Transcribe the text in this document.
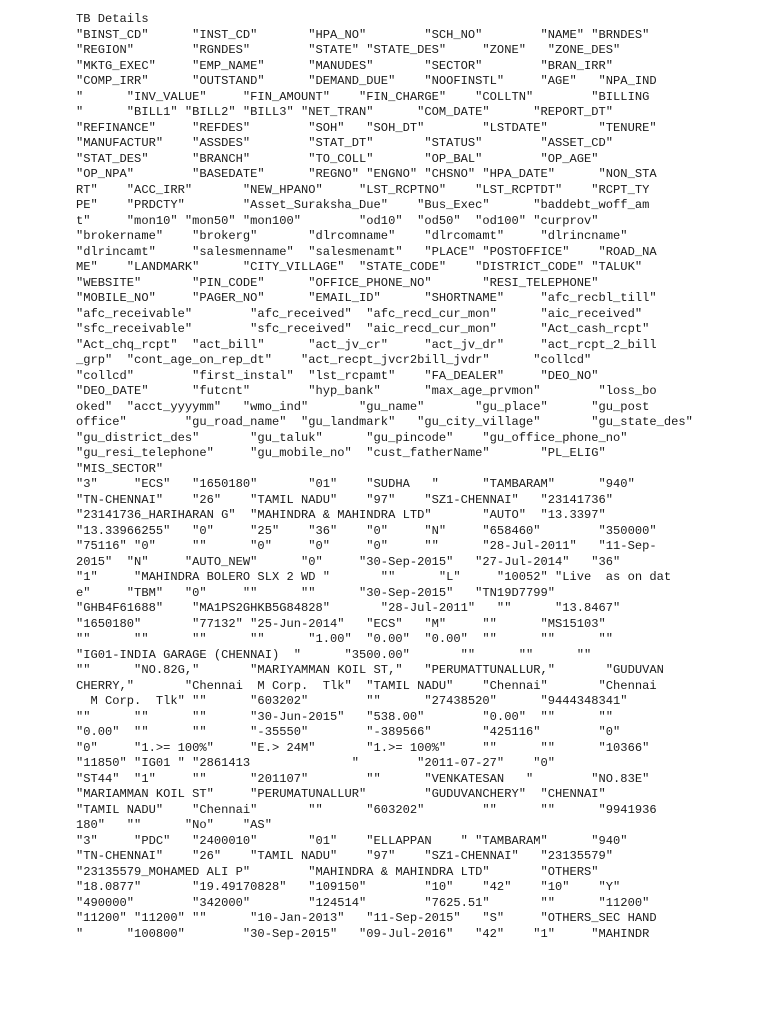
TB Details
"BINST_CD"      "INST_CD"       "HPA_NO"        "SCH_NO"        "NAME" "BRNDES"
"REGION"        "RGNDES"        "STATE" "STATE_DES"     "ZONE"   "ZONE_DES"
"MKTG_EXEC"     "EMP_NAME"      "MANUDES"       "SECTOR"        "BRAN_IRR"
"COMP_IRR"      "OUTSTAND"      "DEMAND_DUE"    "NOOFINSTL"     "AGE"   "NPA_IND
"      "INV_VALUE"     "FIN_AMOUNT"    "FIN_CHARGE"    "COLLTN"        "BILLING
"      "BILL1" "BILL2" "BILL3" "NET_TRAN"      "COM_DATE"      "REPORT_DT"
"REFINANCE"     "REFDES"        "SOH"   "SOH_DT"        "LSTDATE"       "TENURE"
"MANUFACTUR"    "ASSDES"        "STAT_DT"       "STATUS"        "ASSET_CD"
"STAT_DES"      "BRANCH"        "TO_COLL"       "OP_BAL"        "OP_AGE"
"OP_NPA"        "BASEDATE"      "REGNO" "ENGNO" "CHSNO" "HPA_DATE"      "NON_STA
RT"    "ACC_IRR"       "NEW_HPANO"     "LST_RCPTNO"    "LST_RCPTDT"    "RCPT_TY
PE"    "PRDCTY"        "Asset_Suraksha_Due"    "Bus_Exec"      "baddebt_woff_am
t"     "mon10" "mon50" "mon100"        "od10"  "od50"  "od100" "curprov"
"brokername"    "brokerg"       "dlrcomname"    "dlrcomamt"     "dlrincname"
"dlrincamt"     "salesmenname"  "salesmenamt"   "PLACE" "POSTOFFICE"    "ROAD_NA
ME"    "LANDMARK"      "CITY_VILLAGE"  "STATE_CODE"    "DISTRICT_CODE" "TALUK"
"WEBSITE"       "PIN_CODE"      "OFFICE_PHONE_NO"       "RESI_TELEPHONE"
"MOBILE_NO"     "PAGER_NO"      "EMAIL_ID"      "SHORTNAME"     "afc_recbl_till"
"afc_receivable"        "afc_received"  "afc_recd_cur_mon"      "aic_received"
"sfc_receivable"        "sfc_received"  "aic_recd_cur_mon"      "Act_cash_rcpt"
"Act_chq_rcpt"  "act_bill"      "act_jv_cr"     "act_jv_dr"     "act_rcpt_2_bill
_grp"  "cont_age_on_rep_dt"    "act_recpt_jvcr2bill_jvdr"      "collcd"
"collcd"        "first_instal"  "lst_rcpamt"    "FA_DEALER"     "DEO_NO"
"DEO_DATE"      "futcnt"        "hyp_bank"      "max_age_prvmon"        "loss_bo
oked"  "acct_yyyymm"   "wmo_ind"       "gu_name"       "gu_place"      "gu_post
office"        "gu_road_name"  "gu_landmark"   "gu_city_village"       "gu_state_des"
"gu_district_des"       "gu_taluk"      "gu_pincode"    "gu_office_phone_no"
"gu_resi_telephone"     "gu_mobile_no"  "cust_fatherName"       "PL_ELIG"
"MIS_SECTOR"
"3"     "ECS"   "1650180"       "01"    "SUDHA   "      "TAMBARAM"      "940"
"TN-CHENNAI"    "26"    "TAMIL NADU"    "97"    "SZ1-CHENNAI"   "23141736"
"23141736_HARIHARAN G"  "MAHINDRA & MAHINDRA LTD"       "AUTO"  "13.3397"
"13.33966255"   "0"     "25"    "36"    "0"     "N"     "658460"        "350000"
"75116" "0"     ""      "0"     "0"     "0"     ""      "28-Jul-2011"   "11-Sep-
2015"  "N"     "AUTO_NEW"      "0"     "30-Sep-2015"   "27-Jul-2014"   "36"
"1"     "MAHINDRA BOLERO SLX 2 WD "       ""      "L"     "10052" "Live  as on dat
e"     "TBM"   "0"     ""      ""      "30-Sep-2015"   "TN19D7799"
"GHB4F61688"    "MA1PS2GHKB5G84828"       "28-Jul-2011"   ""      "13.8467"
"1650180"       "77132" "25-Jun-2014"   "ECS"   "M"     ""      "MS15103"
""      ""      ""      ""      "1.00"  "0.00"  "0.00"  ""      ""      ""
"IG01-INDIA GARAGE (CHENNAI)  "      "3500.00"       ""      ""      ""
""      "NO.82G,"       "MARIYAMMAN KOIL ST,"   "PERUMATTUNALLUR,"       "GUDUVAN
CHERRY,"       "Chennai  M Corp.  Tlk"  "TAMIL NADU"    "Chennai"       "Chennai
M Corp.  Tlk" ""      "603202"        ""      "27438520"      "9444348341"
""      ""      ""      "30-Jun-2015"   "538.00"        "0.00"  ""      ""
"0.00"  ""      ""      "-35550"        "-389566"       "425116"        "0"
"0"     "1.>= 100%"     "E.> 24M"       "1.>= 100%"     ""      ""      "10366"
"11850" "IG01 " "2861413              "        "2011-07-27"    "0"
"ST44"  "1"     ""      "201107"        ""      "VENKATESAN   "        "NO.83E"
"MARIAMMAN KOIL ST"     "PERUMATUNALLUR"        "GUDUVANCHERY"  "CHENNAI"
"TAMIL NADU"    "Chennai"       ""      "603202"        ""      ""      "9941936
180"   ""      "No"    "AS"
"3"     "PDC"   "2400010"       "01"    "ELLAPPAN    " "TAMBARAM"      "940"
"TN-CHENNAI"    "26"    "TAMIL NADU"    "97"    "SZ1-CHENNAI"   "23135579"
"23135579_MOHAMED ALI P"        "MAHINDRA & MAHINDRA LTD"       "OTHERS"
"18.0877"       "19.49170828"   "109150"        "10"    "42"    "10"    "Y"
"490000"        "342000"        "124514"        "7625.51"       ""      "11200"
"11200" "11200" ""      "10-Jan-2013"   "11-Sep-2015"   "S"     "OTHERS_SEC HAND
"      "100800"        "30-Sep-2015"   "09-Jul-2016"   "42"    "1"     "MAHINDR
